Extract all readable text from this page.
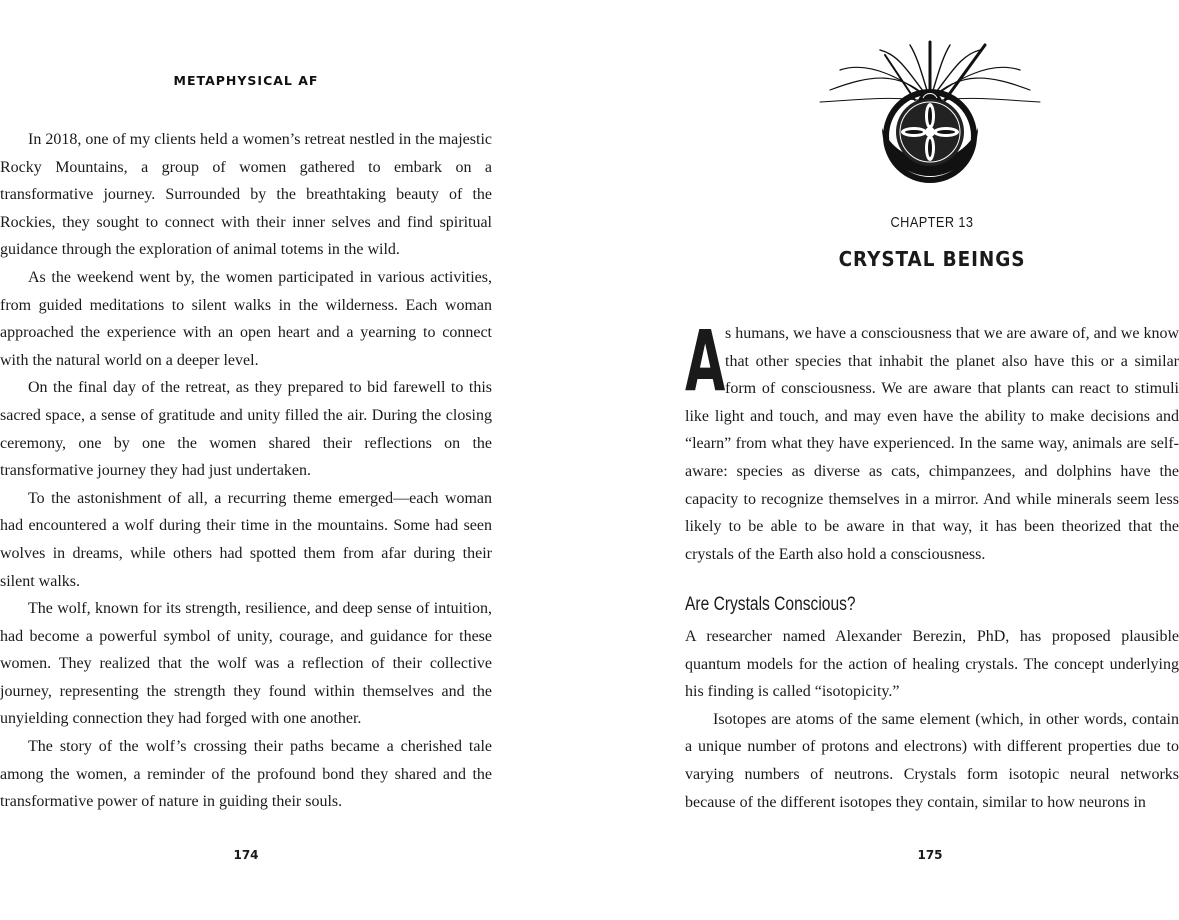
METAPHYSICAL AF

In 2018, one of my clients held a women’s retreat nestled in the majestic Rocky Mountains, a group of women gathered to embark on a transformative journey. Surrounded by the breathtaking beauty of the Rockies, they sought to connect with their inner selves and find spiritual guidance through the exploration of animal totems in the wild.

As the weekend went by, the women participated in various activities, from guided meditations to silent walks in the wilderness. Each woman approached the experience with an open heart and a yearning to connect with the natural world on a deeper level.

On the final day of the retreat, as they prepared to bid farewell to this sacred space, a sense of gratitude and unity filled the air. During the closing ceremony, one by one the women shared their reflections on the transformative journey they had just undertaken.

To the astonishment of all, a recurring theme emerged—each woman had encountered a wolf during their time in the mountains. Some had seen wolves in dreams, while others had spotted them from afar during their silent walks.

The wolf, known for its strength, resilience, and deep sense of intuition, had become a powerful symbol of unity, courage, and guidance for these women. They realized that the wolf was a reflection of their collective journey, representing the strength they found within themselves and the unyielding connection they had forged with one another.

The story of the wolf’s crossing their paths became a cherished tale among the women, a reminder of the profound bond they shared and the transformative power of nature in guiding their souls.

174
CHAPTER 13
CRYSTAL BEINGS

As humans, we have a consciousness that we are aware of, and we know that other species that inhabit the planet also have this or a similar form of consciousness. We are aware that plants can react to stimuli like light and touch, and may even have the ability to make decisions and “learn” from what they have experienced. In the same way, animals are self-aware: species as diverse as cats, chimpanzees, and dolphins have the capacity to recognize themselves in a mirror. And while minerals seem less likely to be able to be aware in that way, it has been theorized that the crystals of the Earth also hold a consciousness.

Are Crystals Conscious?

A researcher named Alexander Berezin, PhD, has proposed plausible quantum models for the action of healing crystals. The concept underlying his finding is called “isotopicity.”

Isotopes are atoms of the same element (which, in other words, contain a unique number of protons and electrons) with different properties due to varying numbers of neutrons. Crystals form isotopic neural networks because of the different isotopes they contain, similar to how neurons in

175
